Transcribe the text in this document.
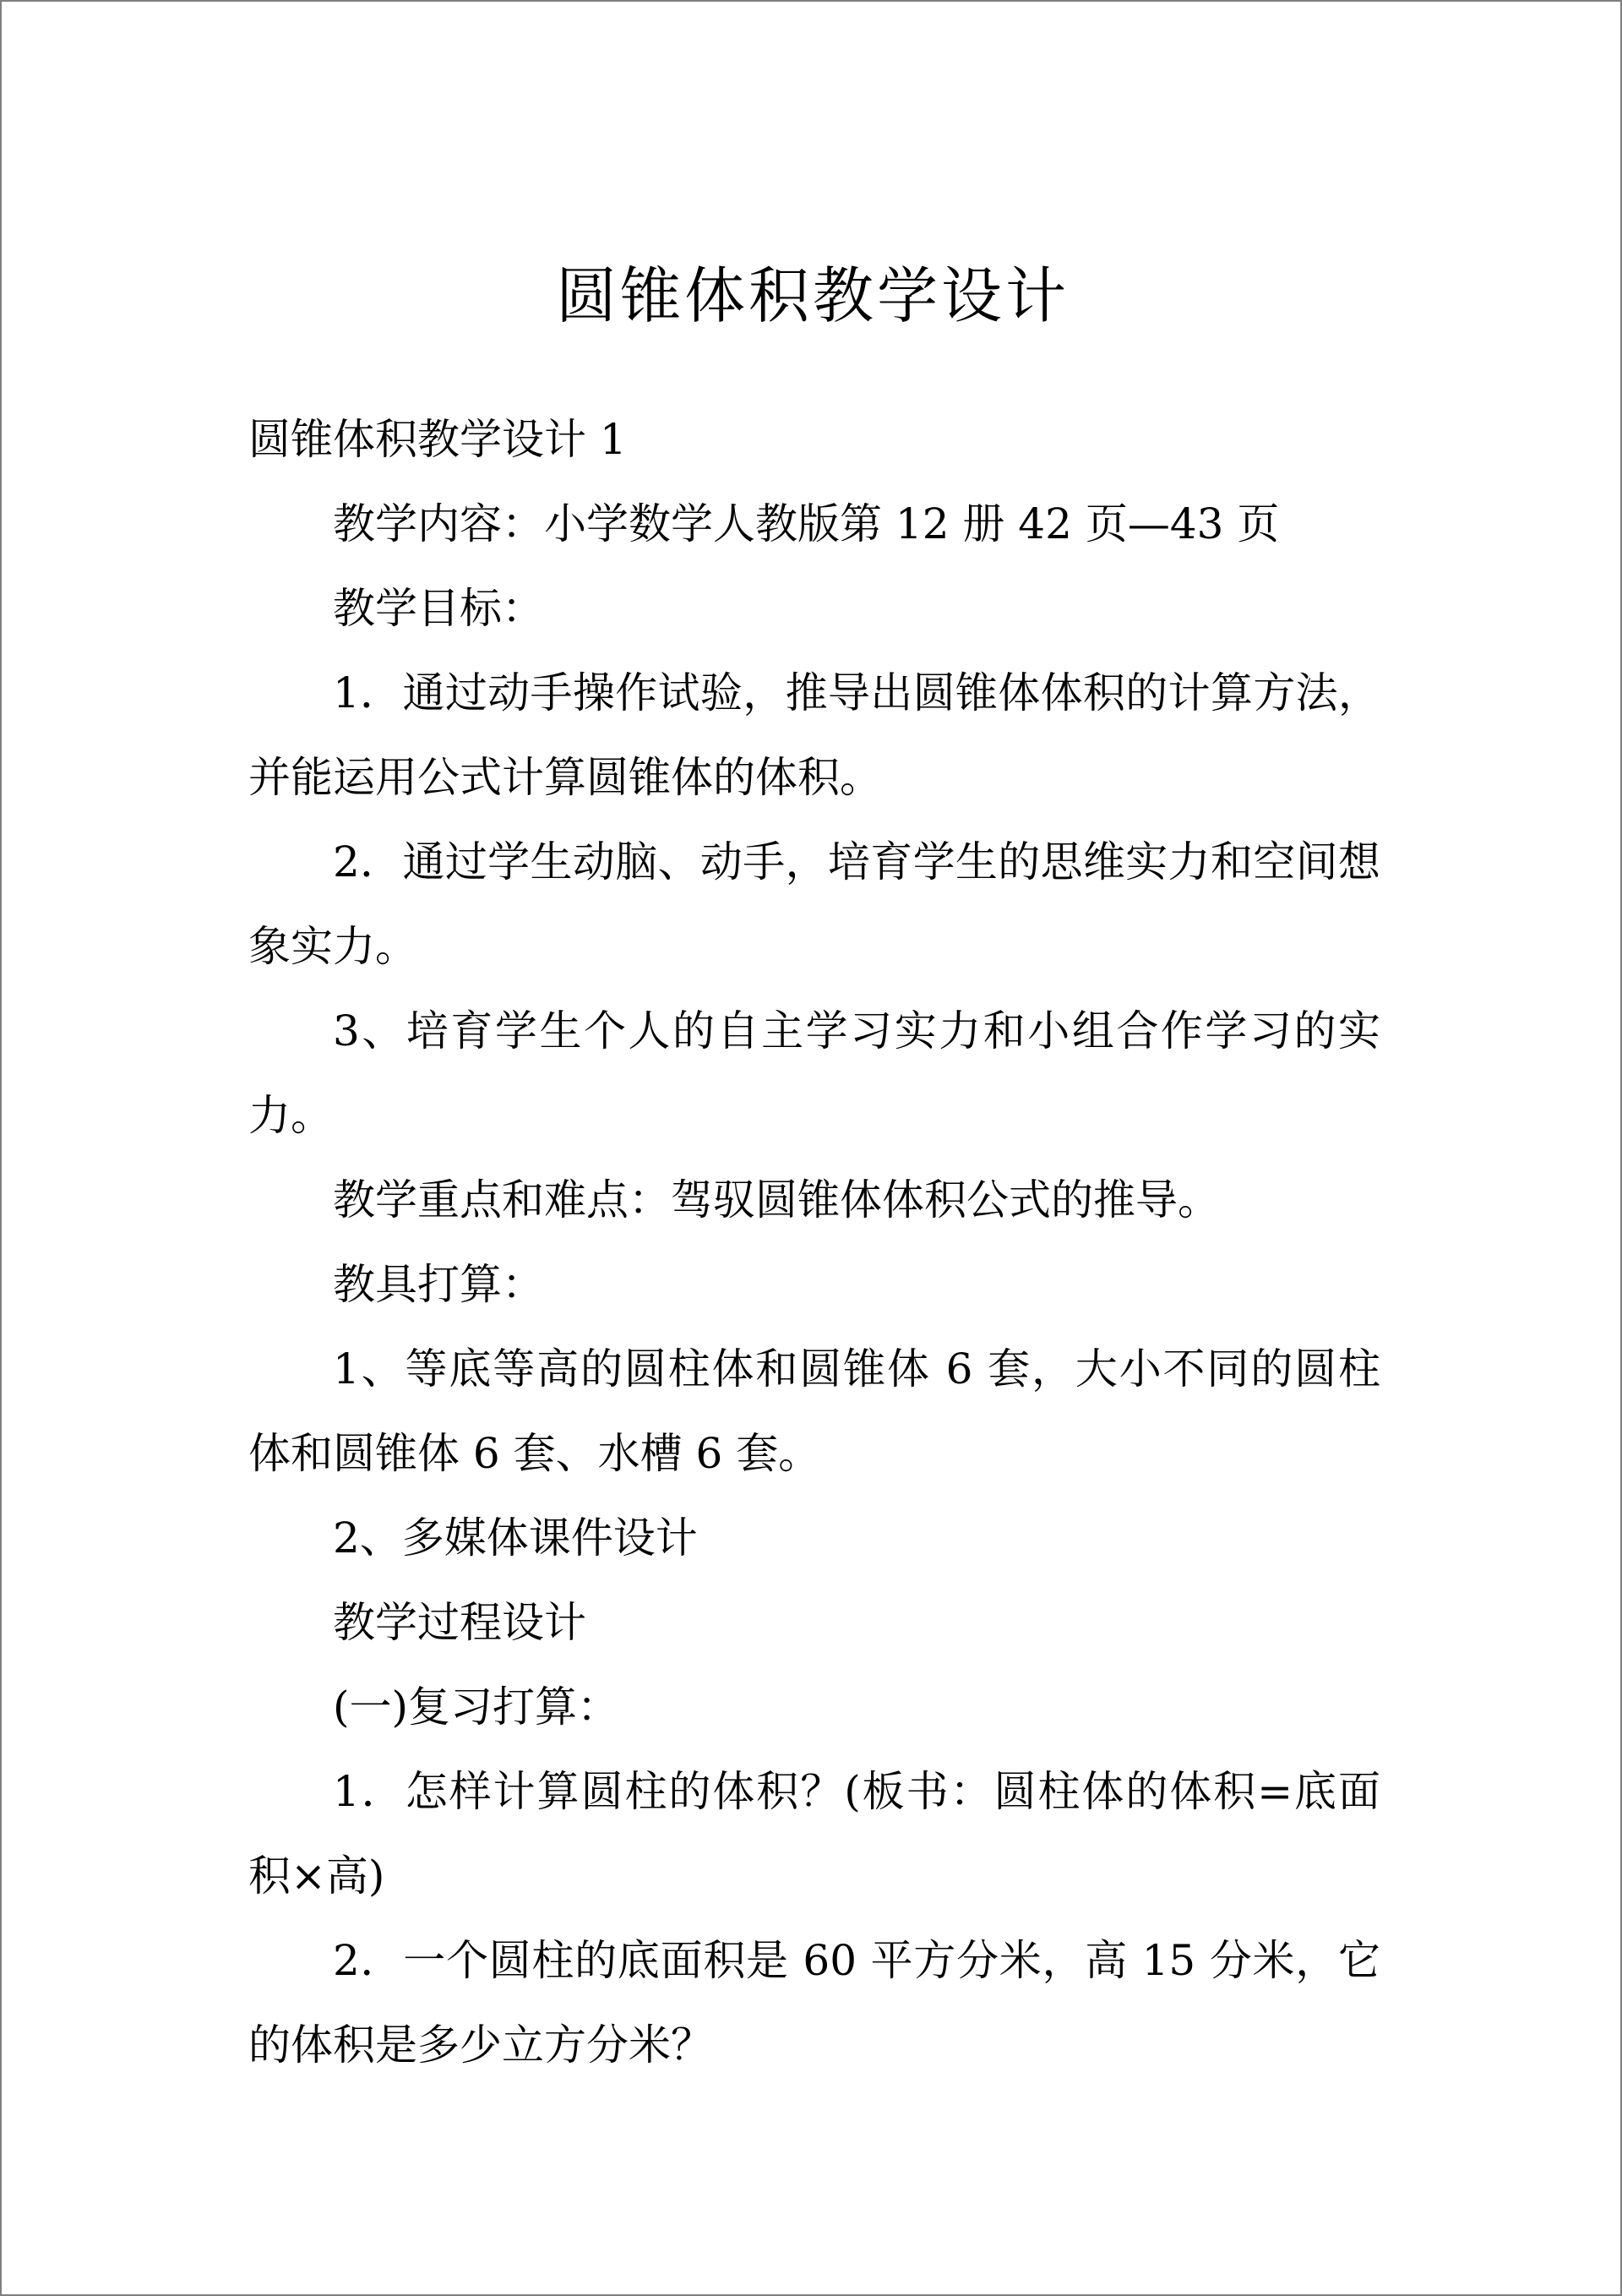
圆锥体积教学设计

圆锥体积教学设计 1

教学内容：小学数学人教版第 12 册 42 页—43 页

教学目标：

1．通过动手操作试验，推导出圆锥体体积的计算方法，并能运用公式计算圆锥体的体积。

2．通过学生动脑、动手，培育学生的思维实力和空间想象实力。

3、培育学生个人的自主学习实力和小组合作学习的实力。

教学重点和难点：驾驭圆锥体体积公式的推导。

教具打算：

1、等底等高的圆柱体和圆锥体 6 套，大小不同的圆柱体和圆锥体 6 套、水槽 6 套。

2、多媒体课件设计

教学过程设计

(一)复习打算：

1．怎样计算圆柱的体积？(板书：圆柱体的体积=底面积×高)

2．一个圆柱的底面积是 60 平方分米，高 15 分米，它的体积是多少立方分米？
